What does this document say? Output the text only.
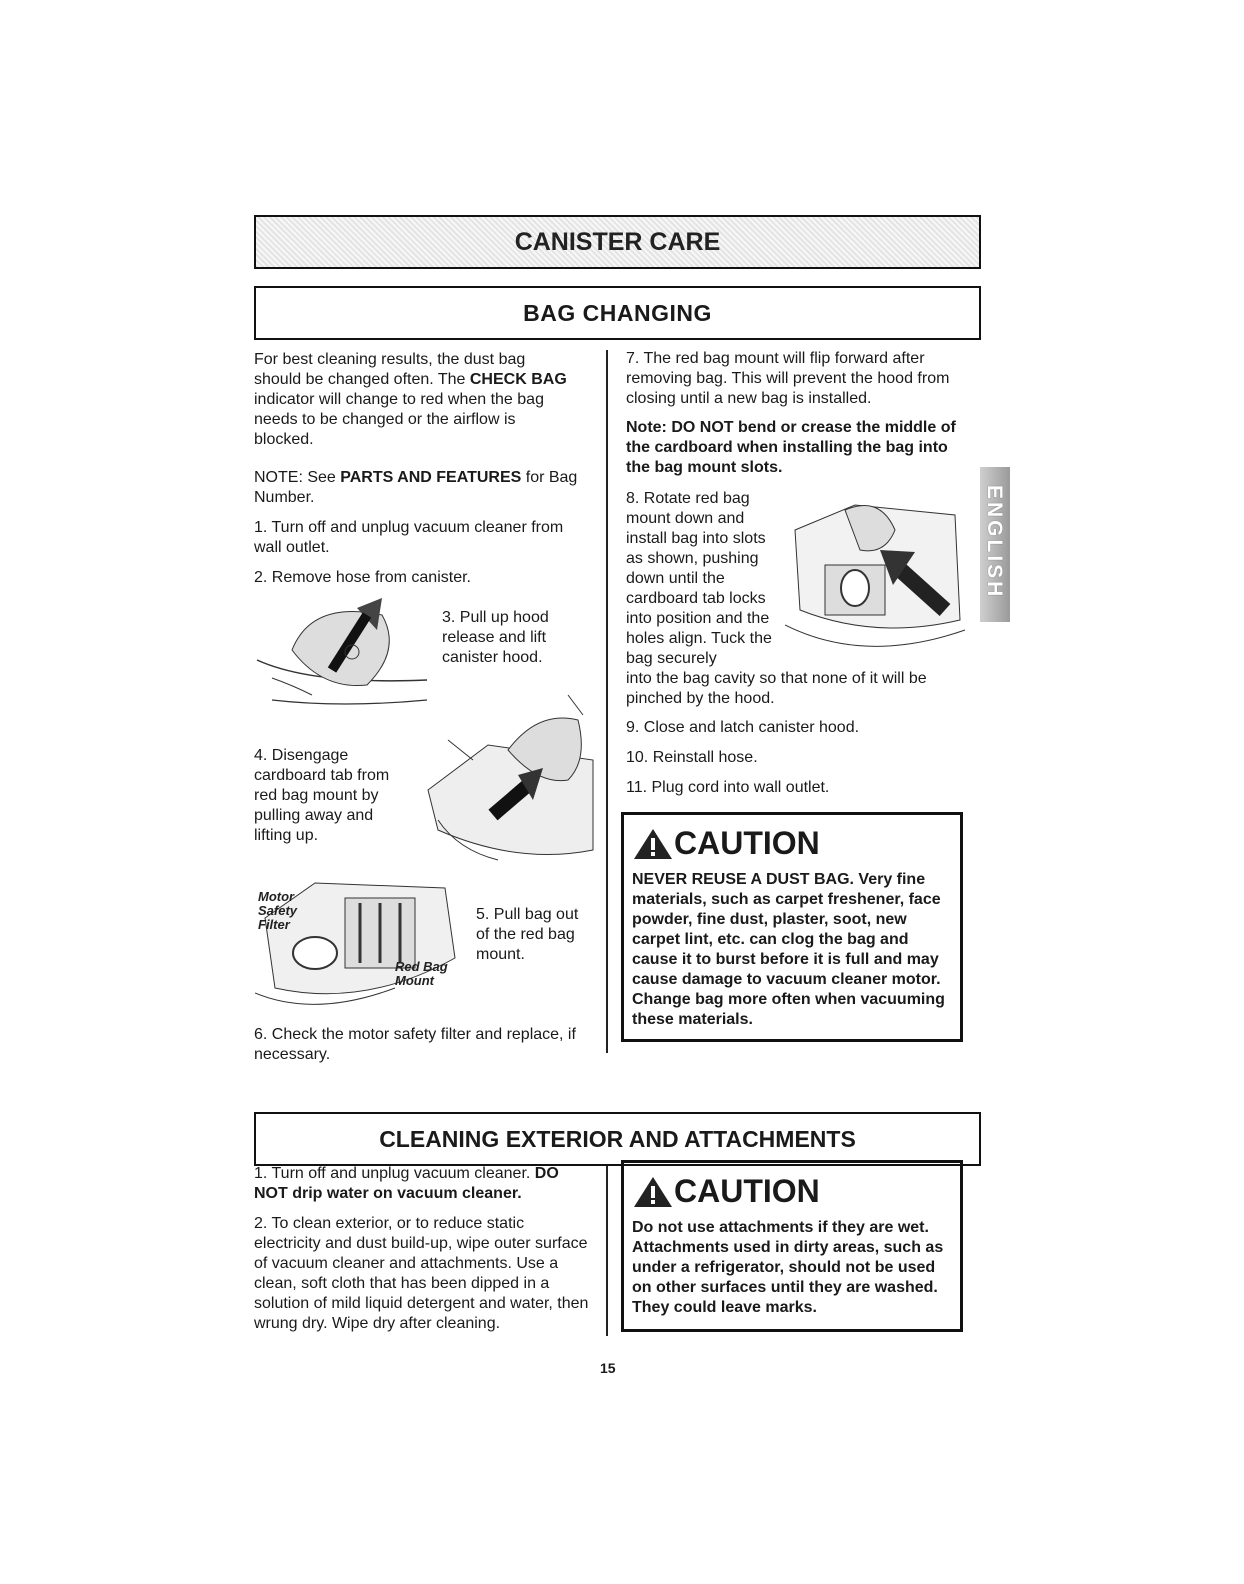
CANISTER CARE
BAG CHANGING
For best cleaning results, the dust bag
should be changed often. The CHECK BAG indicator will change to red when the bag
needs to be changed or the airflow is
blocked.
NOTE: See PARTS AND FEATURES for Bag Number.

1. Turn off and unplug vacuum cleaner from wall outlet.

2. Remove hose from canister.

3. Pull up hood release and lift canister hood.

4. Disengage cardboard tab from red bag mount by pulling away and lifting up.

Motor
Safety
Filter
Red Bag
Mount

5. Pull bag out of the red bag mount.

6. Check the motor safety filter and replace, if necessary.

7. The red bag mount will flip forward after removing bag. This will prevent the hood from closing until a new bag is installed.

Note: DO NOT bend or crease the middle of the cardboard when installing the bag into the bag mount slots.

8. Rotate red bag mount down and install bag into slots as shown, pushing down until the cardboard tab locks into position and the holes align. Tuck the bag securely

into the bag cavity so that none of it will be pinched by the hood.

9. Close and latch canister hood.

10. Reinstall hose.

11. Plug cord into wall outlet.

ENGLISH
CAUTION

NEVER REUSE A DUST BAG. Very fine materials, such as carpet freshener, face powder, fine dust, plaster, soot, new carpet lint, etc. can clog the bag and cause it to burst before it is full and may cause damage to vacuum cleaner motor. Change bag more often when vacuuming these materials.

CLEANING EXTERIOR AND ATTACHMENTS
1. Turn off and unplug vacuum cleaner. DO NOT drip water on vacuum cleaner.

2. To clean exterior, or to reduce static electricity and dust build-up, wipe outer surface of vacuum cleaner and attachments. Use a clean, soft cloth that has been dipped in a solution of mild liquid detergent and water, then wrung dry. Wipe dry after cleaning.

CAUTION

Do not use attachments if they are wet. Attachments used in dirty areas, such as under a refrigerator, should not be used on other surfaces until they are washed. They could leave marks.

15
